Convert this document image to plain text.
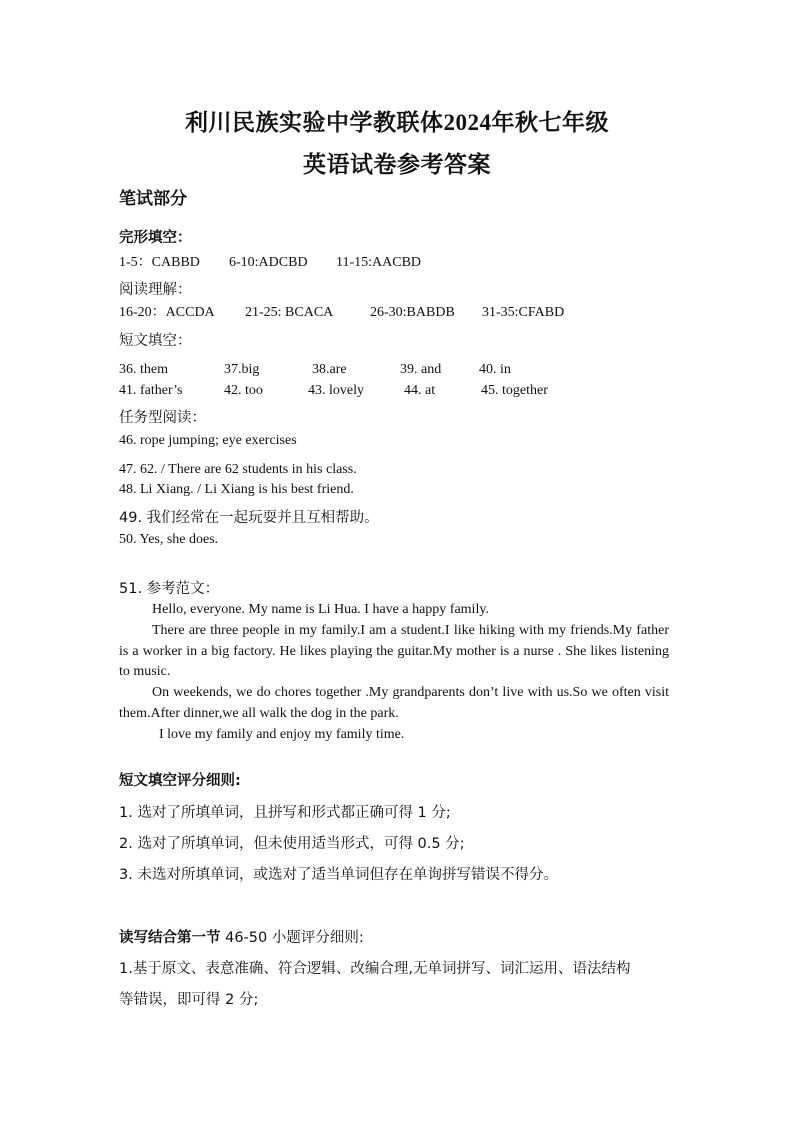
利川民族实验中学教联体2024年秋七年级
英语试卷参考答案
笔试部分
完形填空：
1-5：CABBD 6-10:ADCBD 11-15:AACBD
阅读理解：
16-20：ACCDA 21-25: BCACA	26-30:BABDB 31-35:CFABD
短文填空：
36. them	37.big	38.are	39. and	40. in
41. father’s	42. too	43. lovely	44. at	45. together
任务型阅读：
46. rope jumping; eye exercises
47. 62. / There are 62 students in his class.
48. Li Xiang. / Li Xiang is his best friend.
49. 我们经常在一起玩耍并且互相帮助。
50. Yes, she does.
51. 参考范文：

Hello, everyone. My name is Li Hua. I have a happy family.

There are three people in my family.I am a student.I like hiking with my friends.My father is a worker in a big factory. He likes playing the guitar.My mother is a nurse . She likes listening to music.

On weekends, we do chores together .My grandparents don’t live with us.So we often visit them.After dinner,we all walk the dog in the park.

I love my family and enjoy my family time.

短文填空评分细则:
1. 选对了所填单词，且拼写和形式都正确可得 1 分;
2. 选对了所填单词，但未使用适当形式，可得 0.5 分;
3. 未选对所填单词，或选对了适当单词但存在单询拼写错误不得分。
读写结合第一节 46-50 小题评分细则:
1.基于原文、表意准确、符合逻辑、改编合理,无单词拼写、词汇运用、语法结构
等错误，即可得 2 分;
